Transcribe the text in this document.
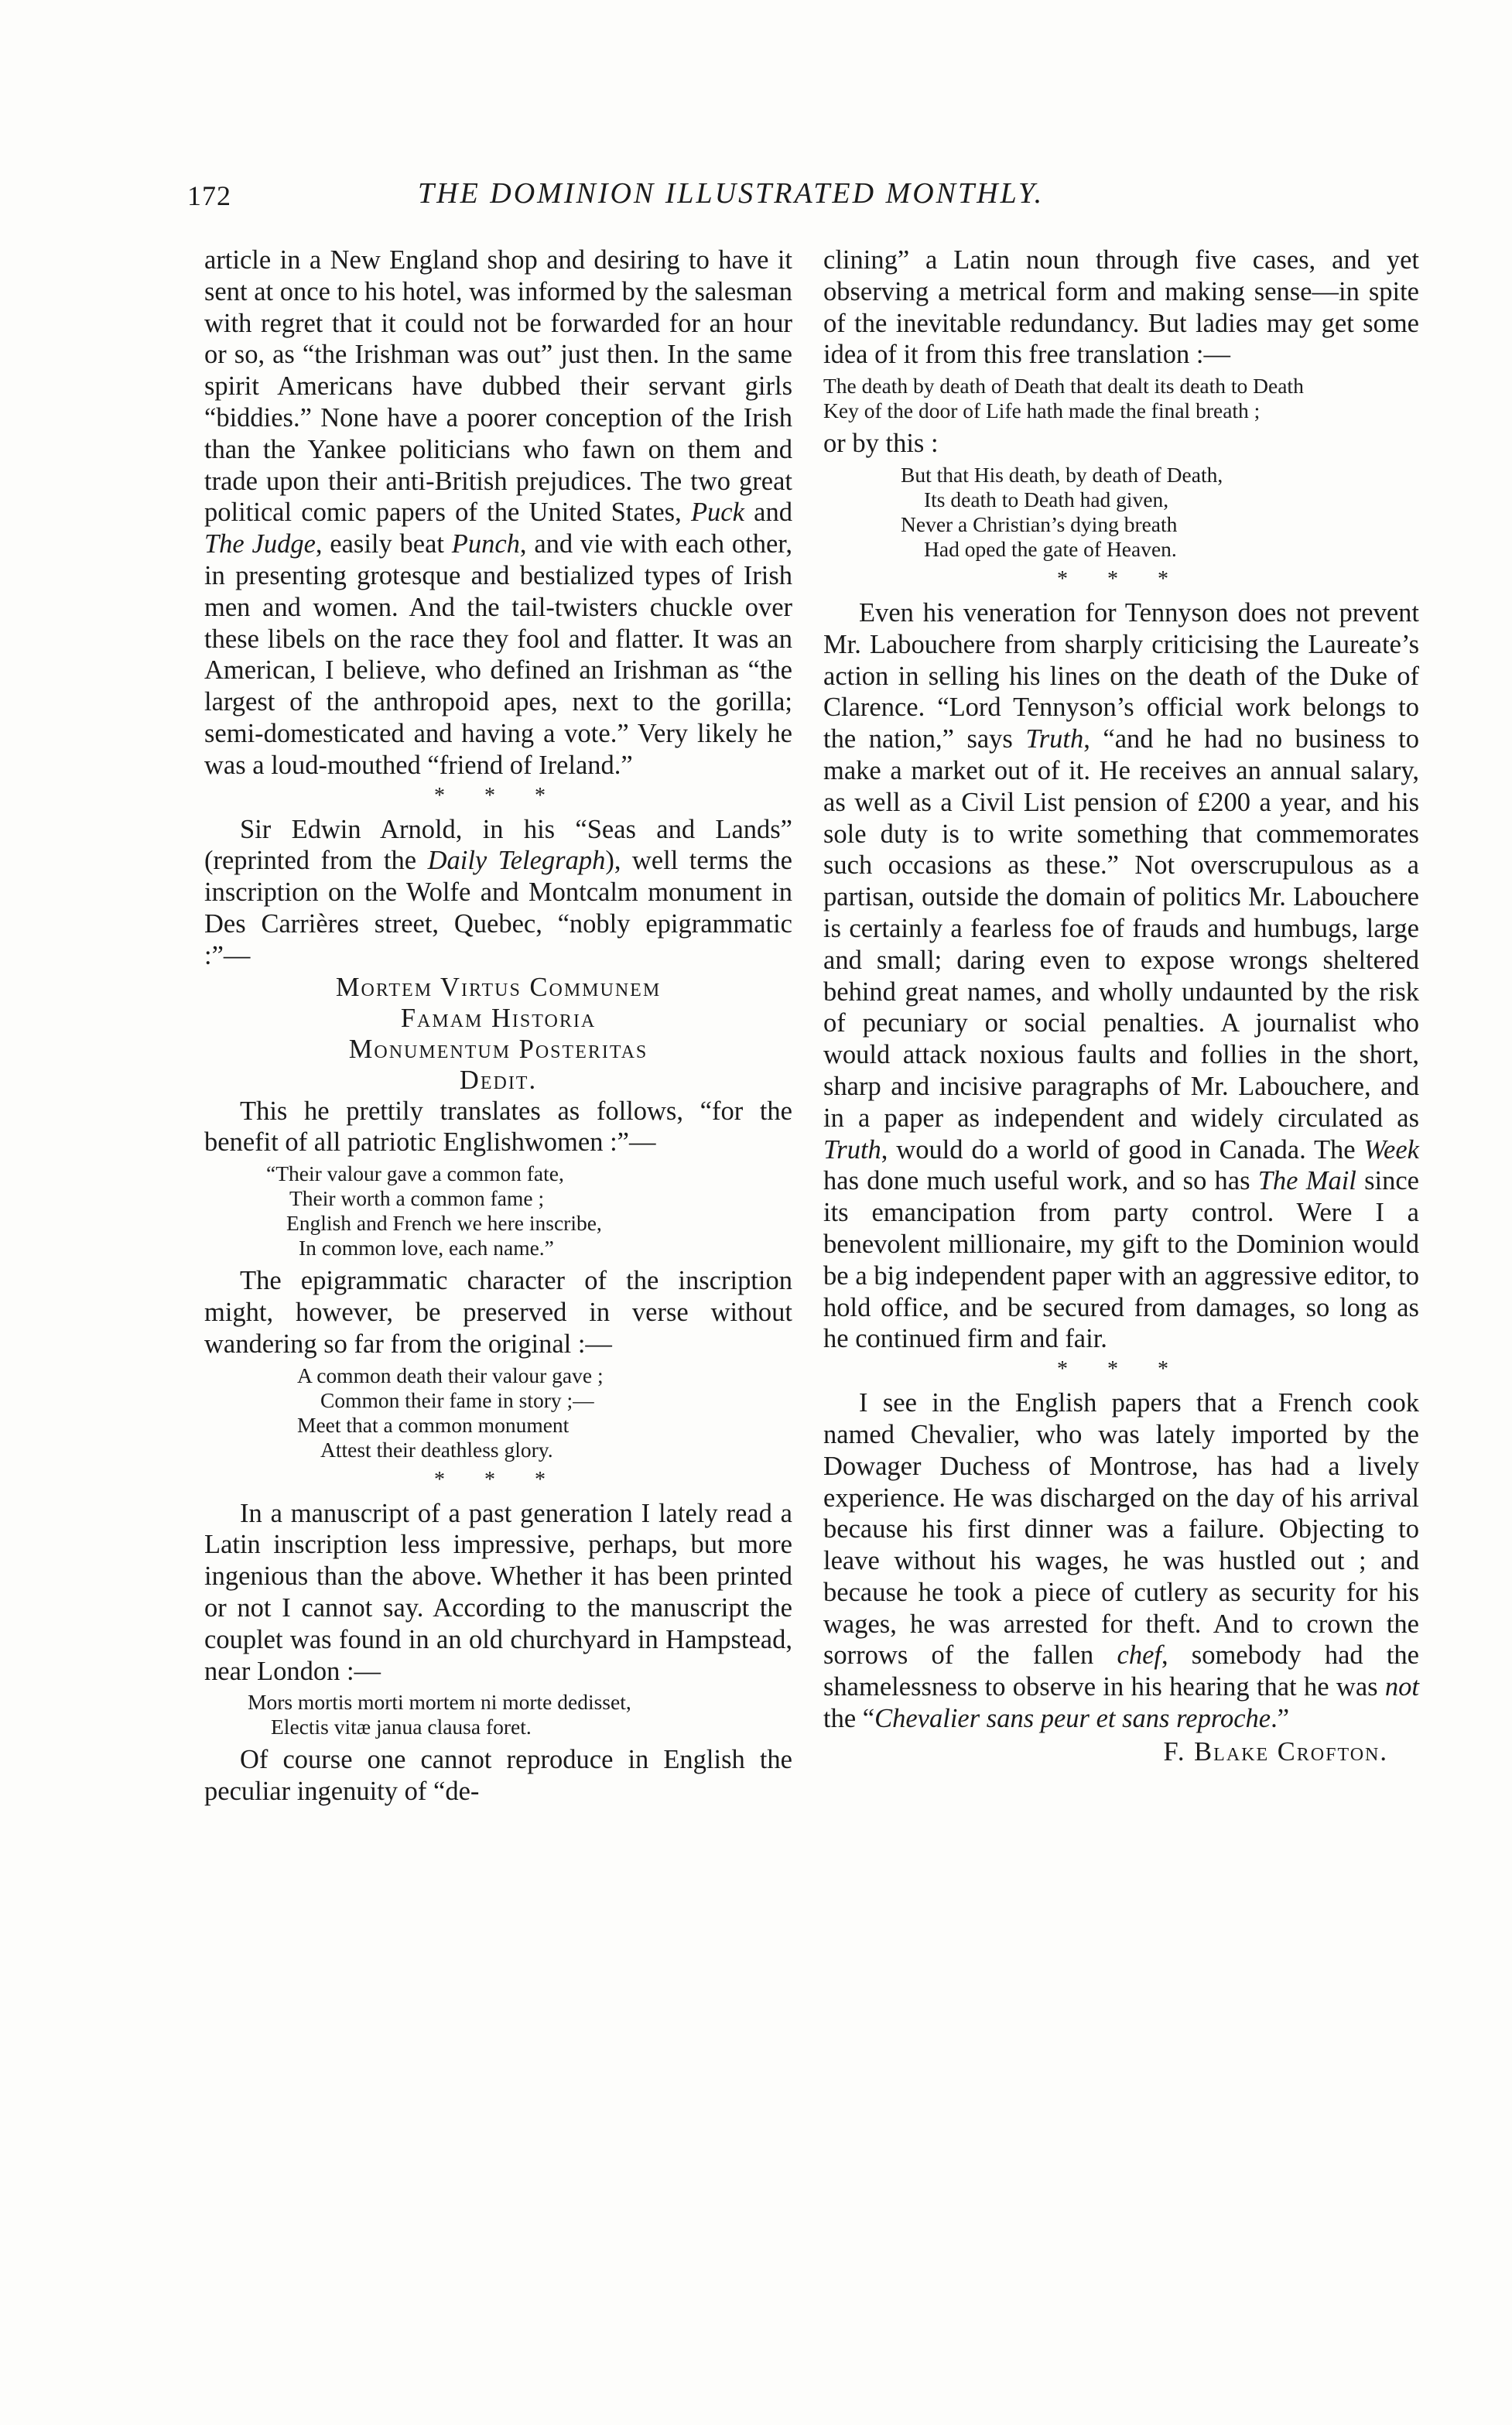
172	THE DOMINION ILLUSTRATED MONTHLY.

article in a New England shop and desiring to have it sent at once to his hotel, was informed by the salesman with regret that it could not be forwarded for an hour or so, as “the Irishman was out” just then. In the same spirit Americans have dubbed their servant girls “biddies.” None have a poorer conception of the Irish than the Yankee politicians who fawn on them and trade upon their anti-British prejudices. The two great political comic papers of the United States, Puck and The Judge, easily beat Punch, and vie with each other, in presenting grotesque and bestialized types of Irish men and women. And the tail-twisters chuckle over these libels on the race they fool and flatter. It was an American, I believe, who defined an Irishman as “the largest of the anthropoid apes, next to the gorilla; semi-domesticated and having a vote.” Very likely he was a loud-mouthed “friend of Ireland.”

* * *

Sir Edwin Arnold, in his “Seas and Lands” (reprinted from the Daily Telegraph), well terms the inscription on the Wolfe and Montcalm monument in Des Carrières street, Quebec, “nobly epigrammatic :”—

Mortem Virtus Communem
Famam Historia
Monumentum Posteritas
Dedit.

This he prettily translates as follows, “for the benefit of all patriotic Englishwomen :”—

“Their valour gave a common fate,
Their worth a common fame ;
English and French we here inscribe,
In common love, each name.”

The epigrammatic character of the inscription might, however, be preserved in verse without wandering so far from the original :—

A common death their valour gave ;
Common their fame in story ;—
Meet that a common monument
Attest their deathless glory.
* * *

In a manuscript of a past generation I lately read a Latin inscription less impressive, perhaps, but more ingenious than the above. Whether it has been printed or not I cannot say. According to the manuscript the couplet was found in an old churchyard in Hampstead, near London :—

Mors mortis morti mortem ni morte dedisset,
Electis vitæ janua clausa foret.

Of course one cannot reproduce in English the peculiar ingenuity of “de-

clining” a Latin noun through five cases, and yet observing a metrical form and making sense—in spite of the inevitable redundancy. But ladies may get some idea of it from this free translation :—

The death by death of Death that dealt its death to Death
Key of the door of Life hath made the final breath ;

or by this :

But that His death, by death of Death,
Its death to Death had given,
Never a Christian’s dying breath
Had oped the gate of Heaven.
* * *

Even his veneration for Tennyson does not prevent Mr. Labouchere from sharply criticising the Laureate’s action in selling his lines on the death of the Duke of Clarence. “Lord Tennyson’s official work belongs to the nation,” says Truth, “and he had no business to make a market out of it. He receives an annual salary, as well as a Civil List pension of £200 a year, and his sole duty is to write something that commemorates such occasions as these.” Not overscrupulous as a partisan, outside the domain of politics Mr. Labouchere is certainly a fearless foe of frauds and humbugs, large and small; daring even to expose wrongs sheltered behind great names, and wholly undaunted by the risk of pecuniary or social penalties. A journalist who would attack noxious faults and follies in the short, sharp and incisive paragraphs of Mr. Labouchere, and in a paper as independent and widely circulated as Truth, would do a world of good in Canada. The Week has done much useful work, and so has The Mail since its emancipation from party control. Were I a benevolent millionaire, my gift to the Dominion would be a big independent paper with an aggressive editor, to hold office, and be secured from damages, so long as he continued firm and fair.

* * *

I see in the English papers that a French cook named Chevalier, who was lately imported by the Dowager Duchess of Montrose, has had a lively experience. He was discharged on the day of his arrival because his first dinner was a failure. Objecting to leave without his wages, he was hustled out ; and because he took a piece of cutlery as security for his wages, he was arrested for theft. And to crown the sorrows of the fallen chef, somebody had the shamelessness to observe in his hearing that he was not the “Chevalier sans peur et sans reproche.”

F. Blake Crofton.
